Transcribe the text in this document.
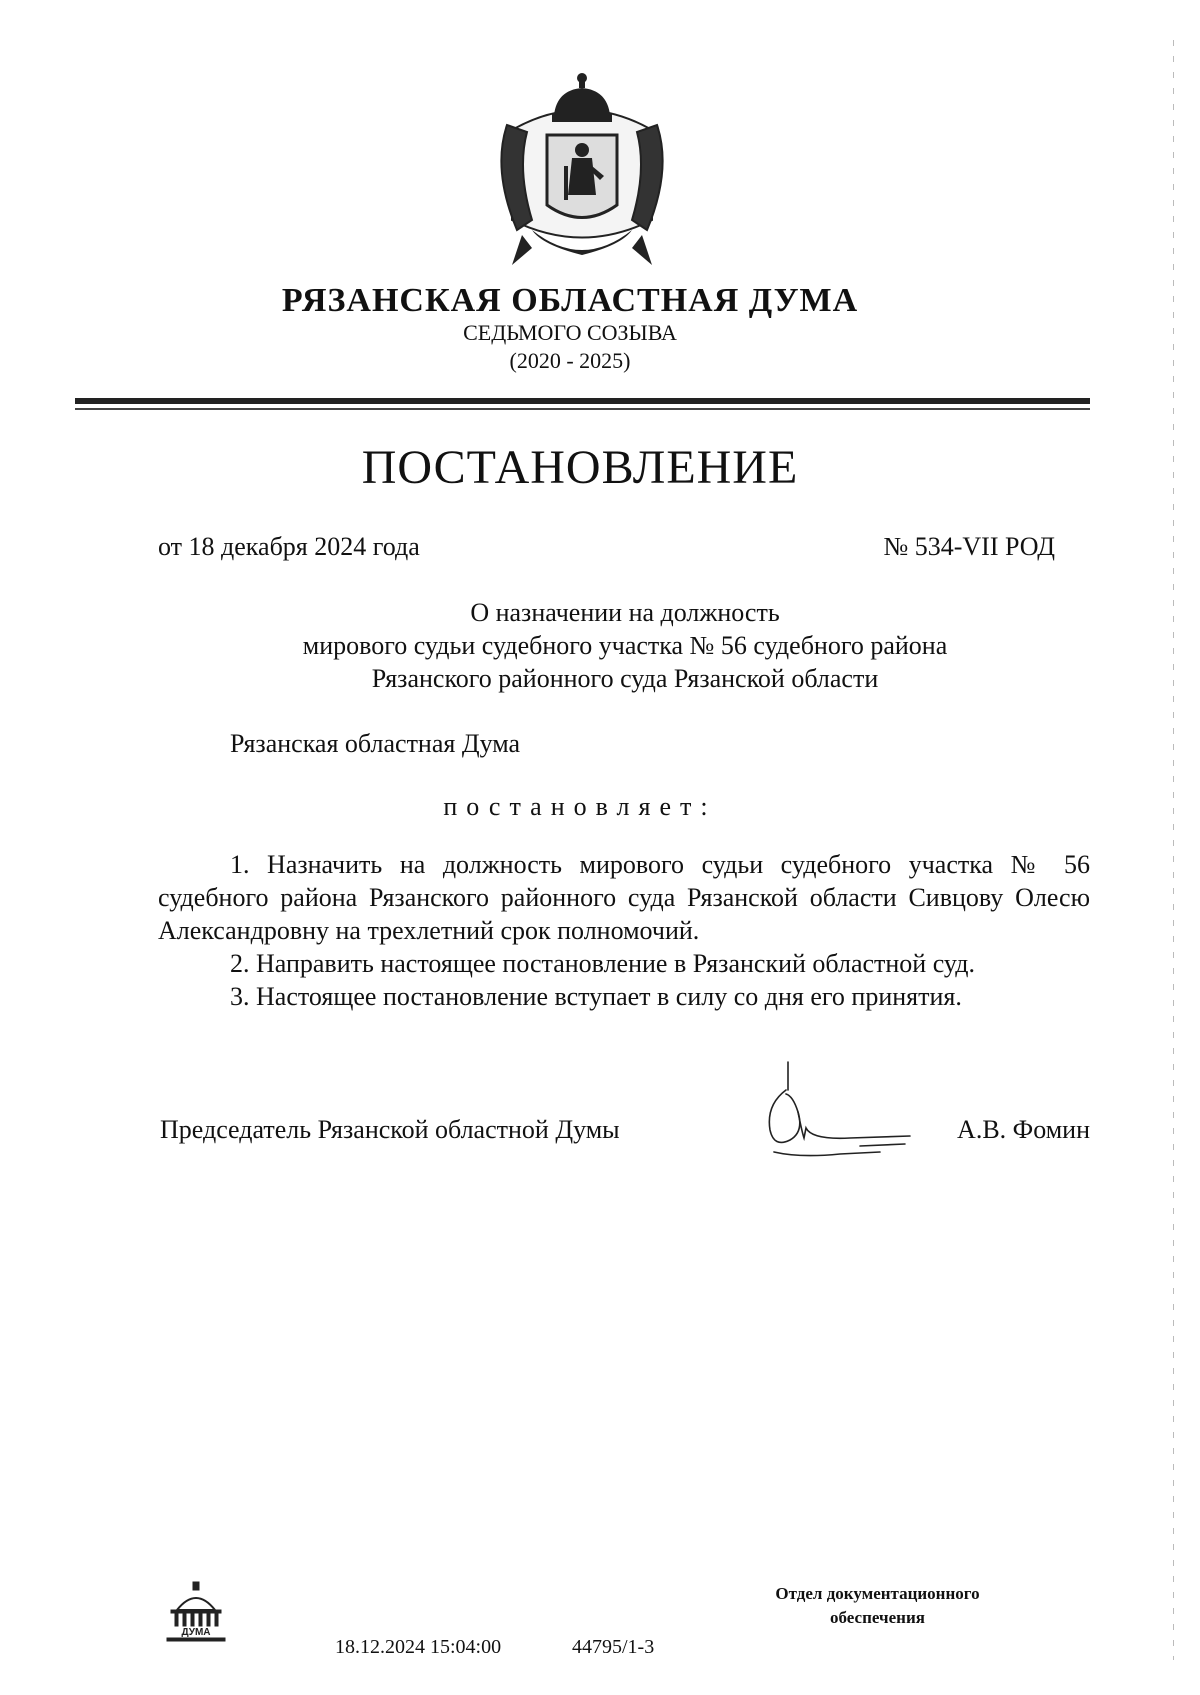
РЯЗАНСКАЯ ОБЛАСТНАЯ ДУМА
СЕДЬМОГО СОЗЫВА
(2020 - 2025)
ПОСТАНОВЛЕНИЕ
от 18 декабря 2024 года	№ 534-VII РОД
О назначении на должность
мирового судьи судебного участка № 56 судебного района
Рязанского районного суда Рязанской области
Рязанская областная Дума
постановляет:

1. Назначить на должность мирового судьи судебного участка № 56 судебного района Рязанского районного суда Рязанской области Сивцову Олесю Александровну на трехлетний срок полномочий.

2. Направить настоящее постановление в Рязанский областной суд.

3. Настоящее постановление вступает в силу со дня его принятия.

Председатель Рязанской областной Думы	А.В. Фомин
ДУМА
18.12.2024 15:04:00	44795/1-3
Отдел документационного
обеспечения
